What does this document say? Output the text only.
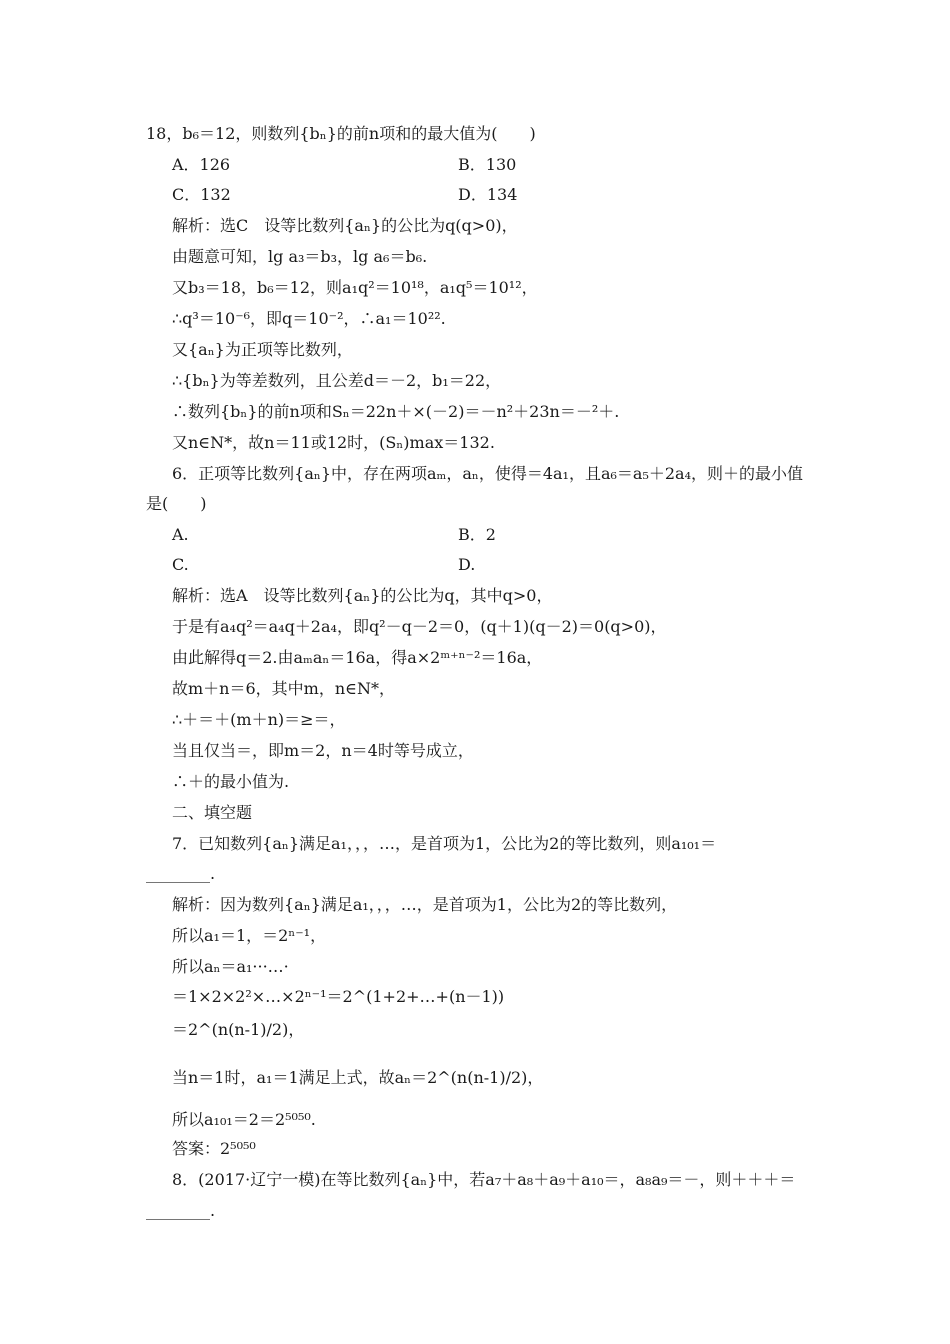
18，b₆＝12，则数列{bₙ}的前n项和的最大值为(　　)
A．126	B．130
C．132	D．134
解析：选C　设等比数列{aₙ}的公比为q(q>0)，
由题意可知，lg a₃＝b₃，lg a₆＝b₆.
又b₃＝18，b₆＝12，则a₁q²＝10¹⁸，a₁q⁵＝10¹²，
∴q³＝10⁻⁶，即q＝10⁻²，∴a₁＝10²².
又{aₙ}为正项等比数列，
∴{bₙ}为等差数列，且公差d＝－2，b₁＝22，
∴数列{bₙ}的前n项和Sₙ＝22n＋×(－2)＝－n²＋23n＝－²＋.
又n∈N*，故n＝11或12时，(Sₙ)max＝132.
6．正项等比数列{aₙ}中，存在两项aₘ，aₙ，使得＝4a₁，且a₆＝a₅＋2a₄，则＋的最小值
是(　　)
A.	B．2
C.	D.
解析：选A　设等比数列{aₙ}的公比为q，其中q>0，
于是有a₄q²＝a₄q＋2a₄，即q²－q－2＝0，(q＋1)(q－2)＝0(q>0)，
由此解得q＝2.由aₘaₙ＝16a，得a×2ᵐ⁺ⁿ⁻²＝16a，
故m＋n＝6，其中m，n∈N*，
∴＋＝＋(m＋n)＝≥＝，
当且仅当＝，即m＝2，n＝4时等号成立，
∴＋的最小值为.
二、填空题
7．已知数列{aₙ}满足a₁，，，…，是首项为1，公比为2的等比数列，则a₁₀₁＝
________.
解析：因为数列{aₙ}满足a₁，，，…，是首项为1，公比为2的等比数列，
所以a₁＝1，＝2ⁿ⁻¹，
所以aₙ＝a₁···…·
＝1×2×2²×…×2ⁿ⁻¹＝2^(1+2+…+(n－1))
＝2^(n(n-1)/2)，
当n＝1时，a₁＝1满足上式，故aₙ＝2^(n(n-1)/2)，
所以a₁₀₁＝2＝2⁵⁰⁵⁰.
答案：2⁵⁰⁵⁰
8．(2017·辽宁一模)在等比数列{aₙ}中，若a₇＋a₈＋a₉＋a₁₀＝，a₈a₉＝－，则＋＋＋＝
________.
